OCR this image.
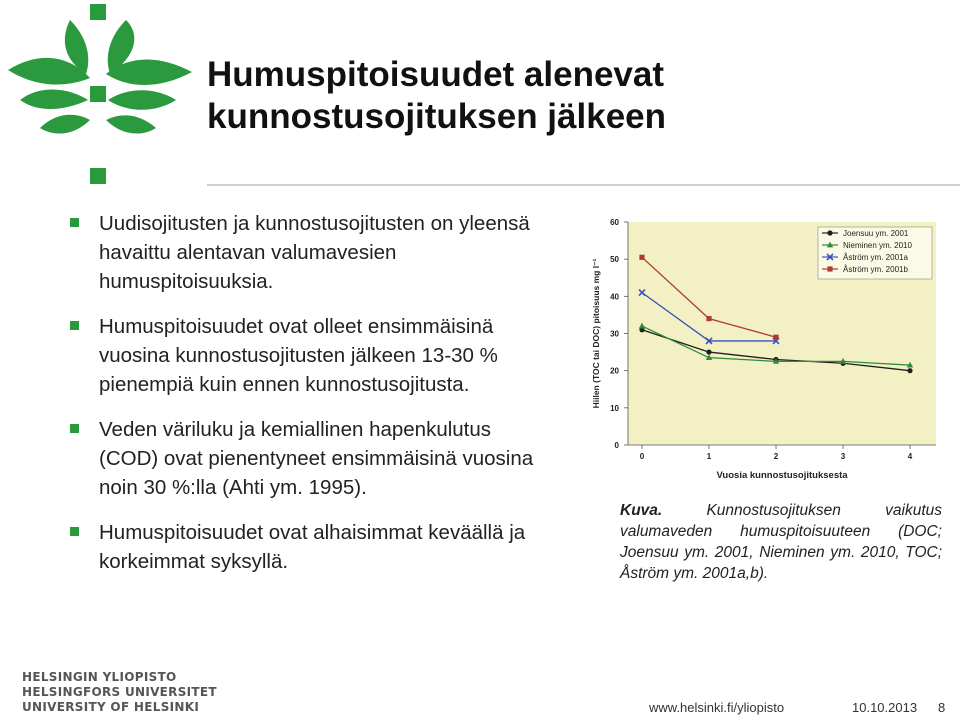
Humuspitoisuudet alenevat
kunnostusojituksen jälkeen
Uudisojitusten ja kunnostusojitusten on yleensä havaittu alentavan valumavesien humuspitoisuuksia.
Humuspitoisuudet ovat olleet ensimmäisinä vuosina kunnostusojitusten jälkeen 13-30 % pienempiä kuin ennen kunnostusojitusta.
Veden väriluku ja kemiallinen hapenkulutus (COD) ovat pienentyneet ensimmäisinä vuosina noin 30 %:lla (Ahti ym. 1995).
Humuspitoisuudet ovat alhaisimmat keväällä ja korkeimmat syksyllä.
0
10
20
30
40
50
60
0	1	2	3	4
Vuosia kunnostusojituksesta
Hiilen (TOC tai DOC) pitoisuus mg l⁻¹
Joensuu ym. 2001
Nieminen ym. 2010
Åström ym. 2001a
Åström ym. 2001b
Kuva. Kunnostusojituksen vaikutus valumaveden humuspitoisuuteen (DOC; Joensuu ym. 2001, Nieminen ym. 2010, TOC; Åström ym. 2001a,b).
HELSINGIN YLIOPISTO
HELSINGFORS UNIVERSITET
UNIVERSITY OF HELSINKI	www.helsinki.fi/yliopisto	10.10.2013 8
